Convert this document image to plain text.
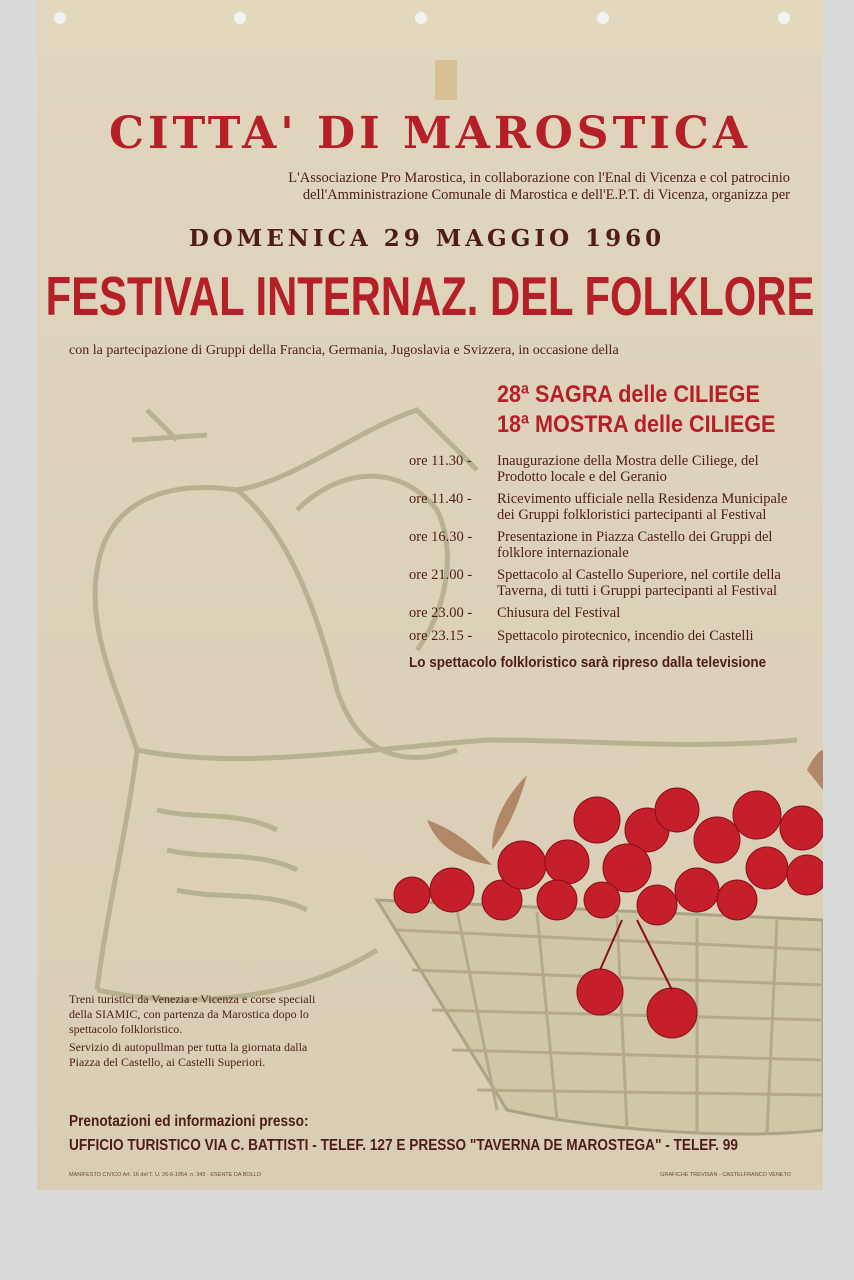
CITTA' DI MAROSTICA
L'Associazione Pro Marostica, in collaborazione con l'Enal di Vicenza e col patrocinio dell'Amministrazione Comunale di Marostica e dell'E.P.T. di Vicenza, organizza per
DOMENICA 29 MAGGIO 1960
FESTIVAL INTERNAZ. DEL FOLKLORE
con la partecipazione di Gruppi della Francia, Germania, Jugoslavia e Svizzera, in occasione della
28ª SAGRA delle CILIEGE
18ª MOSTRA delle CILIEGE
ore 11.30 -	Inaugurazione della Mostra delle Ciliege, del Prodotto locale e del Geranio
ore 11.40 -	Ricevimento ufficiale nella Residenza Municipale dei Gruppi folkloristici partecipanti al Festival
ore 16.30 -	Presentazione in Piazza Castello dei Gruppi del folklore internazionale
ore 21.00 -	Spettacolo al Castello Superiore, nel cortile della Taverna, di tutti i Gruppi partecipanti al Festival
ore 23.00 -	Chiusura del Festival
ore 23.15 -	Spettacolo pirotecnico, incendio dei Castelli
Lo spettacolo folkloristico sarà ripreso dalla televisione
Treni turistici da Venezia e Vicenza e corse speciali della SIAMIC, con partenza da Marostica dopo lo spettacolo folkloristico.
Servizio di autopullman per tutta la giornata dalla Piazza del Castello, ai Castelli Superiori.
Prenotazioni ed informazioni presso:
UFFICIO TURISTICO VIA C. BATTISTI - TELEF. 127 E PRESSO "TAVERNA DE MAROSTEGA" - TELEF. 99
MANIFESTO CIVICO Art. 16 del T. U. 26-6-1954, n. 343 - ESENTE DA BOLLO	GRAFICHE TREVISAN - CASTELFRANCO VENETO
